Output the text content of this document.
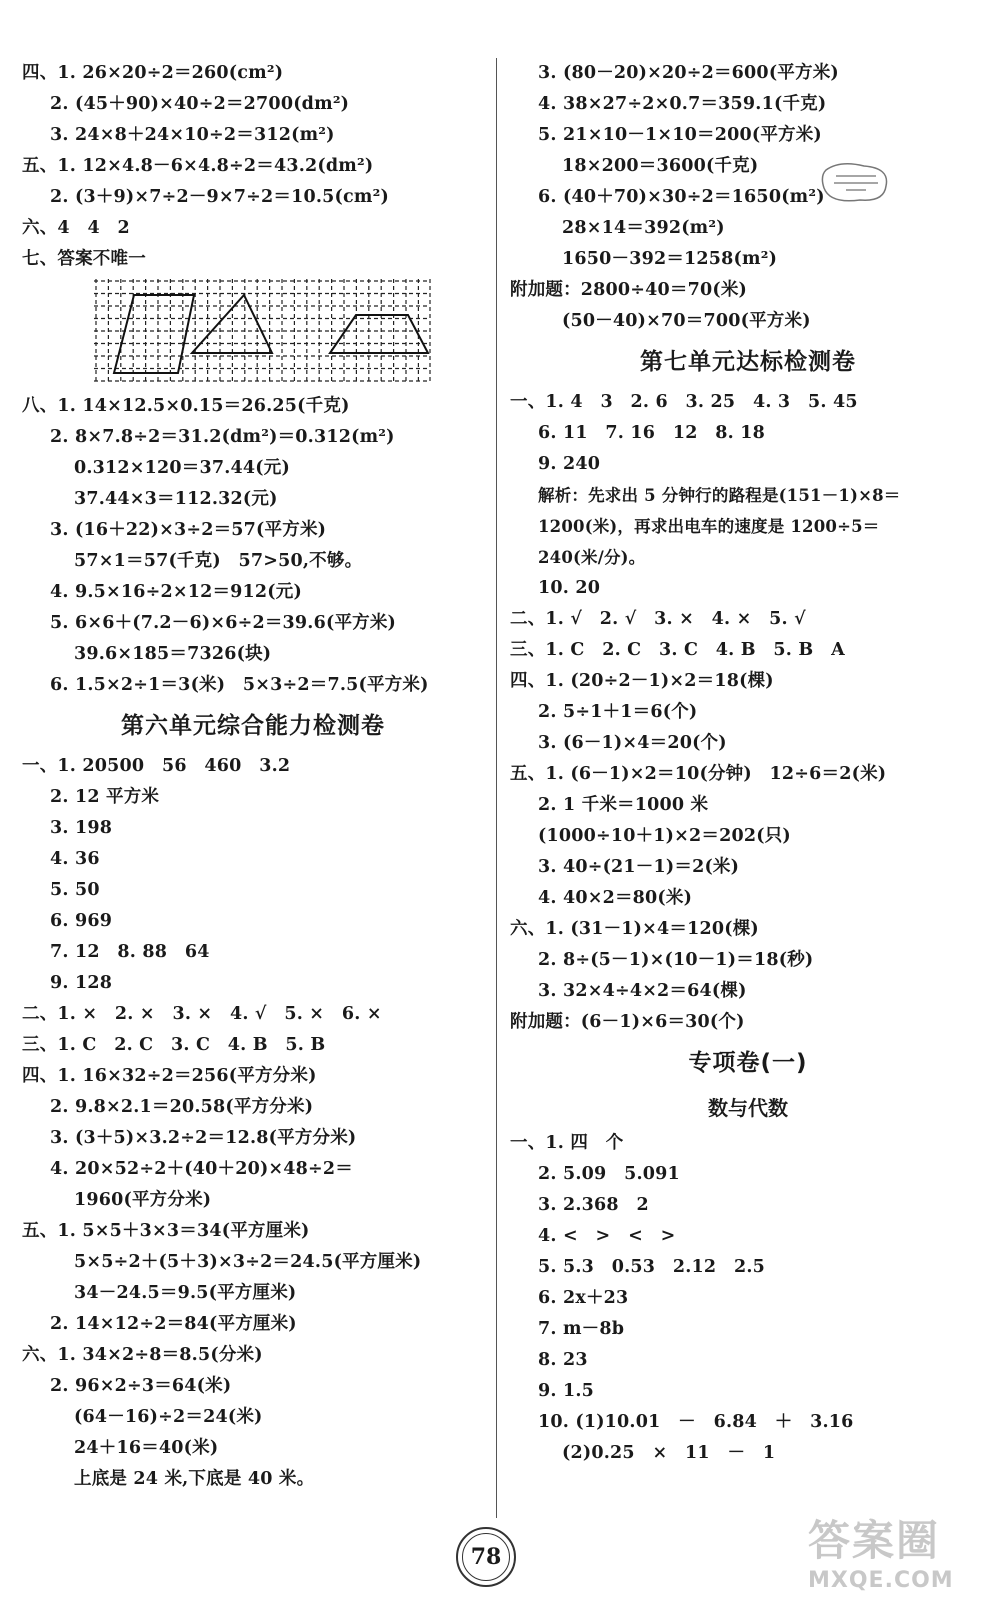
四、1. 26×20÷2＝260(cm²)
2. (45＋90)×40÷2＝2700(dm²)
3. 24×8＋24×10÷2＝312(m²)
五、1. 12×4.8－6×4.8÷2＝43.2(dm²)
2. (3＋9)×7÷2－9×7÷2＝10.5(cm²)
六、4　4　2
七、答案不唯一
八、1. 14×12.5×0.15＝26.25(千克)
2. 8×7.8÷2＝31.2(dm²)＝0.312(m²)
0.312×120＝37.44(元)
37.44×3＝112.32(元)
3. (16＋22)×3÷2＝57(平方米)
57×1＝57(千克)　57>50,不够。
4. 9.5×16÷2×12＝912(元)
5. 6×6＋(7.2－6)×6÷2＝39.6(平方米)
39.6×185＝7326(块)
6. 1.5×2÷1＝3(米)　5×3÷2＝7.5(平方米)
第六单元综合能力检测卷
一、1. 20500　56　460　3.2
2. 12 平方米
3. 198
4. 36
5. 50
6. 969
7. 12　8. 88　64
9. 128
二、1. ×　2. ×　3. ×　4. √　5. ×　6. ×
三、1. C　2. C　3. C　4. B　5. B
四、1. 16×32÷2＝256(平方分米)
2. 9.8×2.1＝20.58(平方分米)
3. (3＋5)×3.2÷2＝12.8(平方分米)
4. 20×52÷2＋(40＋20)×48÷2＝
1960(平方分米)
五、1. 5×5＋3×3＝34(平方厘米)
5×5÷2＋(5＋3)×3÷2＝24.5(平方厘米)
34－24.5＝9.5(平方厘米)
2. 14×12÷2＝84(平方厘米)
六、1. 34×2÷8＝8.5(分米)
2. 96×2÷3＝64(米)
(64－16)÷2＝24(米)
24＋16＝40(米)
上底是 24 米,下底是 40 米。
3. (80－20)×20÷2＝600(平方米)
4. 38×27÷2×0.7＝359.1(千克)
5. 21×10－1×10＝200(平方米)
18×200＝3600(千克)
6. (40＋70)×30÷2＝1650(m²)
28×14＝392(m²)
1650－392＝1258(m²)
附加题：2800÷40＝70(米)
(50－40)×70＝700(平方米)
第七单元达标检测卷
一、1. 4　3　2. 6　3. 25　4. 3　5. 45
6. 11　7. 16　12　8. 18
9. 240
解析：先求出 5 分钟行的路程是(151－1)×8＝
1200(米)，再求出电车的速度是 1200÷5＝
240(米/分)。
10. 20
二、1. √　2. √　3. ×　4. ×　5. √
三、1. C　2. C　3. C　4. B　5. B　A
四、1. (20÷2－1)×2＝18(棵)
2. 5÷1＋1＝6(个)
3. (6－1)×4＝20(个)
五、1. (6－1)×2＝10(分钟)　12÷6＝2(米)
2. 1 千米＝1000 米
(1000÷10＋1)×2＝202(只)
3. 40÷(21－1)＝2(米)
4. 40×2＝80(米)
六、1. (31－1)×4＝120(棵)
2. 8÷(5－1)×(10－1)＝18(秒)
3. 32×4÷4×2＝64(棵)
附加题：(6－1)×6＝30(个)
专项卷(一)
数与代数
一、1. 四　个
2. 5.09　5.091
3. 2.368　2
4. <　>　<　>
5. 5.3　0.53　2.12　2.5
6. 2x＋23
7. m－8b
8. 23
9. 1.5
10. (1)10.01　－　6.84　＋　3.16
(2)0.25　×　11　－　1
78	答案圈
MXQE.COM
